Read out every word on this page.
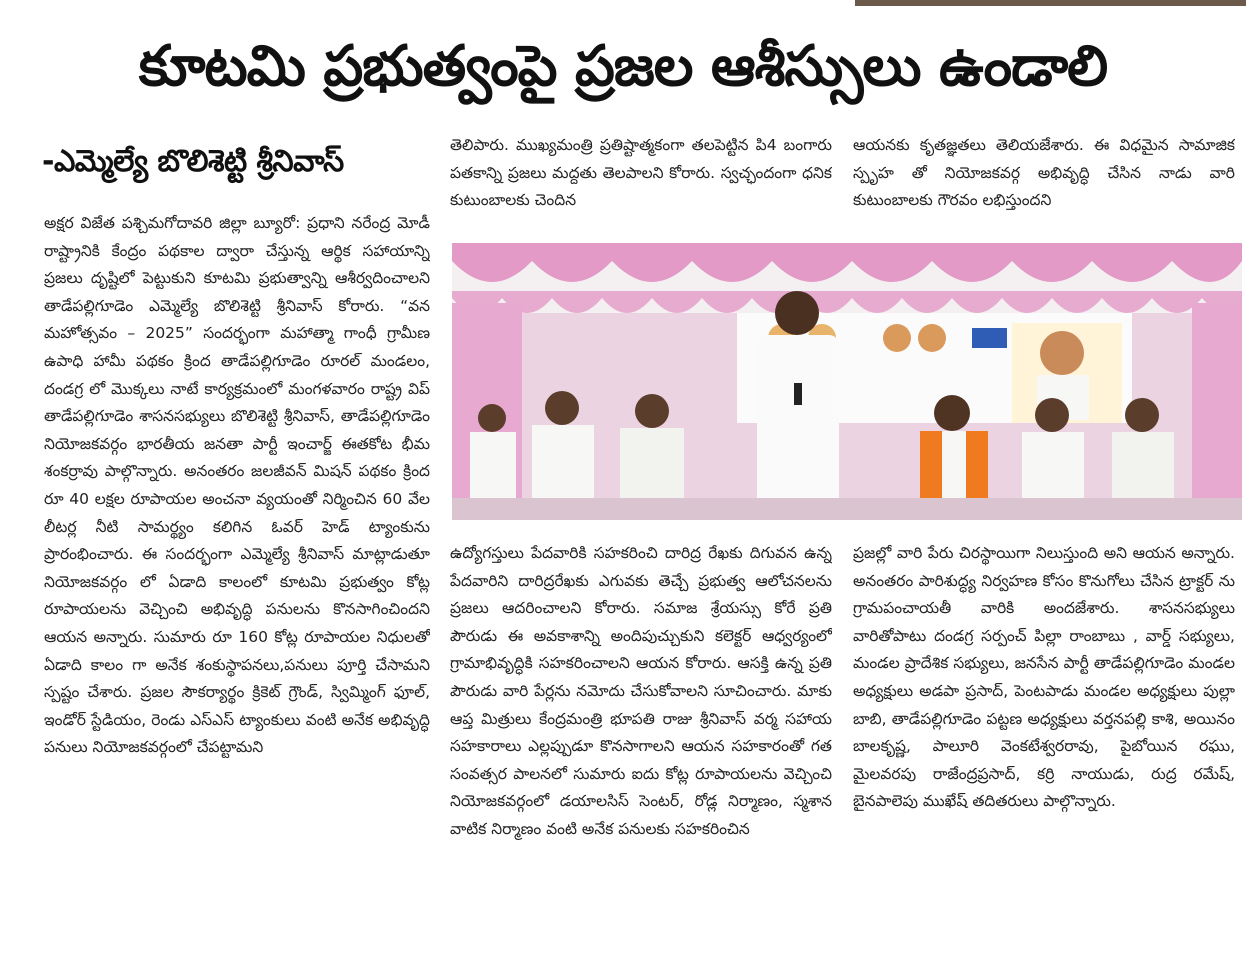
కూటమి ప్రభుత్వంపై ప్రజల ఆశీస్సులు ఉండాలి
-ఎమ్మెల్యే బొలిశెట్టి శ్రీనివాస్

అక్షర విజేత పశ్చిమగోదావరి జిల్లా బ్యూరో: ప్రధాని నరేంద్ర మోడీ రాష్ట్రానికి కేంద్రం పథకాల ద్వారా చేస్తున్న ఆర్థిక సహాయాన్ని ప్రజలు దృష్టిలో పెట్టుకుని కూటమి ప్రభుత్వాన్ని ఆశీర్వదించాలని తాడేపల్లిగూడెం ఎమ్మెల్యే బొలిశెట్టి శ్రీనివాస్ కోరారు. “వన మహోత్సవం – 2025” సందర్భంగా మహాత్మా గాంధీ గ్రామీణ ఉపాధి హామీ పథకం క్రింద తాడేపల్లిగూడెం రూరల్ మండలం, దండగ్ర లో మొక్కలు నాటే కార్యక్రమంలో మంగళవారం రాష్ట్ర విప్ తాడేపల్లిగూడెం శాసనసభ్యులు బొలిశెట్టి శ్రీనివాస్, తాడేపల్లిగూడెం నియోజకవర్గం భారతీయ జనతా పార్టీ ఇంచార్జ్ ఈతకోట భీమ శంకర్రావు పాల్గొన్నారు. అనంతరం జలజీవన్ మిషన్ పథకం క్రింద రూ 40 లక్షల రూపాయల అంచనా వ్యయంతో నిర్మించిన 60 వేల లీటర్ల నీటి సామర్థ్యం కలిగిన ఓవర్ హెడ్ ట్యాంకును ప్రారంభించారు. ఈ సందర్భంగా ఎమ్మెల్యే శ్రీనివాస్ మాట్లాడుతూ నియోజకవర్గం లో ఏడాది కాలంలో కూటమి ప్రభుత్వం కోట్ల రూపాయలను వెచ్చించి అభివృద్ధి పనులను కొనసాగించిందని ఆయన అన్నారు. సుమారు రూ 160 కోట్ల రూపాయల నిధులతో ఏడాది కాలం గా అనేక శంకుస్థాపనలు,పనులు పూర్తి చేసామని స్పష్టం చేశారు. ప్రజల సౌకర్యార్థం క్రికెట్ గ్రౌండ్, స్విమ్మింగ్ ఫూల్, ఇండోర్ స్టేడియం, రెండు ఎస్ఎస్ ట్యాంకులు వంటి అనేక అభివృద్ధి పనులు నియోజకవర్గంలో చేపట్టామని

తెలిపారు. ముఖ్యమంత్రి ప్రతిష్టాత్మకంగా తలపెట్టిన పి4 బంగారు పతకాన్ని ప్రజలు మద్దతు తెలపాలని కోరారు. స్వచ్ఛందంగా ధనిక కుటుంబాలకు చెందిన

ఆయనకు కృతజ్ఞతలు తెలియజేశారు. ఈ విధమైన సామాజిక స్పృహ తో నియోజకవర్గ అభివృద్ధి చేసిన నాడు వారి కుటుంబాలకు గౌరవం లభిస్తుందని

ఉద్యోగస్తులు పేదవారికి సహకరించి దారిద్ర రేఖకు దిగువన ఉన్న పేదవారిని దారిద్రరేఖకు ఎగువకు తెచ్చే ప్రభుత్వ ఆలోచనలను ప్రజలు ఆదరించాలని కోరారు. సమాజ శ్రేయస్సు కోరే ప్రతి పౌరుడు ఈ అవకాశాన్ని అందిపుచ్చుకుని కలెక్టర్ ఆధ్వర్యంలో గ్రామాభివృద్ధికి సహకరించాలని ఆయన కోరారు. ఆసక్తి ఉన్న ప్రతి పౌరుడు వారి పేర్లను నమోదు చేసుకోవాలని సూచించారు. మాకు ఆప్త మిత్రులు కేంద్రమంత్రి భూపతి రాజు శ్రీనివాస్ వర్మ సహాయ సహకారాలు ఎల్లప్పుడూ కొనసాగాలని ఆయన సహకారంతో గత సంవత్సర పాలనలో సుమారు ఐదు కోట్ల రూపాయలను వెచ్చించి నియోజకవర్గంలో డయాలసిస్ సెంటర్, రోడ్ల నిర్మాణం, స్మశాన వాటిక నిర్మాణం వంటి అనేక పనులకు సహకరించిన

ప్రజల్లో వారి పేరు చిరస్థాయిగా నిలుస్తుంది అని ఆయన అన్నారు. అనంతరం పారిశుద్ధ్య నిర్వహణ కోసం కొనుగోలు చేసిన ట్రాక్టర్ ను గ్రామపంచాయతీ వారికి అందజేశారు. శాసనసభ్యులు వారితోపాటు దండగ్ర సర్పంచ్ పిల్లా రాంబాబు , వార్డ్ సభ్యులు, మండల ప్రాదేశిక సభ్యులు, జనసేన పార్టీ తాడేపల్లిగూడెం మండల అధ్యక్షులు అడపా ప్రసాద్, పెంటపాడు మండల అధ్యక్షులు పుల్లా బాబి, తాడేపల్లిగూడెం పట్టణ అధ్యక్షులు వర్తనపల్లి కాశి, అయినం బాలకృష్ణ, పాలూరి వెంకటేశ్వరరావు, పైబోయిన రఘు, మైలవరపు రాజేంద్రప్రసాద్, కర్రి నాయుడు, రుద్ర రమేష్, బైనపాలెపు ముఖేష్ తదితరులు పాల్గొన్నారు.
